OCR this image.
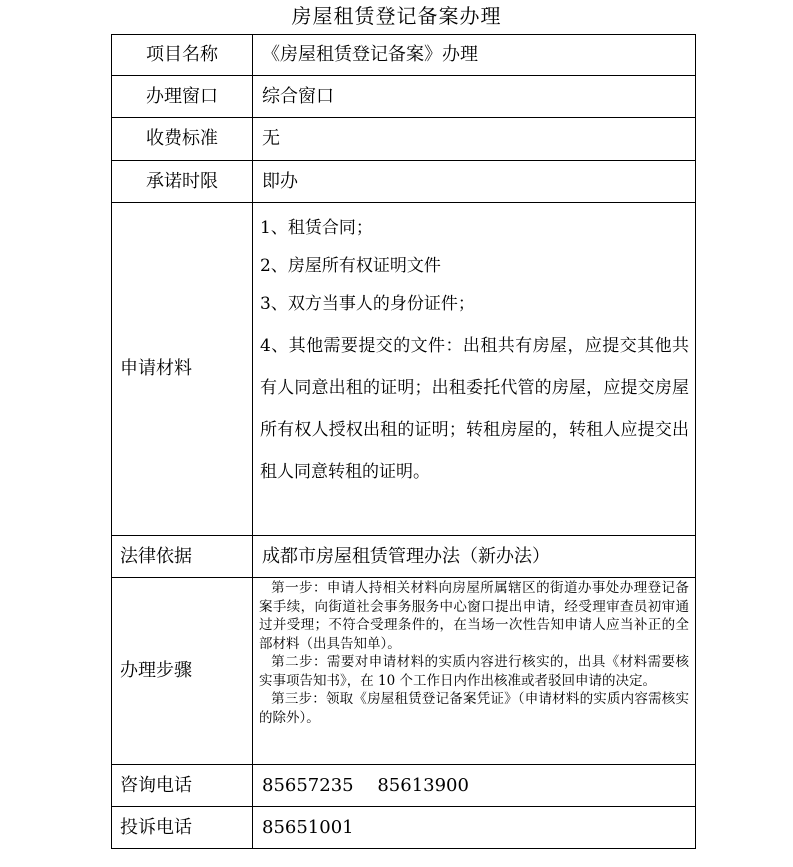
房屋租赁登记备案办理
项目名称	《房屋租赁登记备案》办理
办理窗口	综合窗口
收费标准	无
承诺时限	即办
申请材料	1、租赁合同；

2、房屋所有权证明文件

3、双方当事人的身份证件；

4、其他需要提交的文件：出租共有房屋，应提交其他共有人同意出租的证明；出租委托代管的房屋，应提交房屋所有权人授权出租的证明；转租房屋的，转租人应提交出租人同意转租的证明。

法律依据	成都市房屋租赁管理办法（新办法）
办理步骤	第一步：申请人持相关材料向房屋所属辖区的街道办事处办理登记备案手续，向街道社会事务服务中心窗口提出申请，经受理审查员初审通过并受理；不符合受理条件的，在当场一次性告知申请人应当补正的全部材料（出具告知单）。

第二步：需要对申请材料的实质内容进行核实的，出具《材料需要核实事项告知书》，在 10 个工作日内作出核准或者驳回申请的决定。

第三步：领取《房屋租赁登记备案凭证》（申请材料的实质内容需核实的除外）。

咨询电话	85657235　 85613900
投诉电话	85651001
